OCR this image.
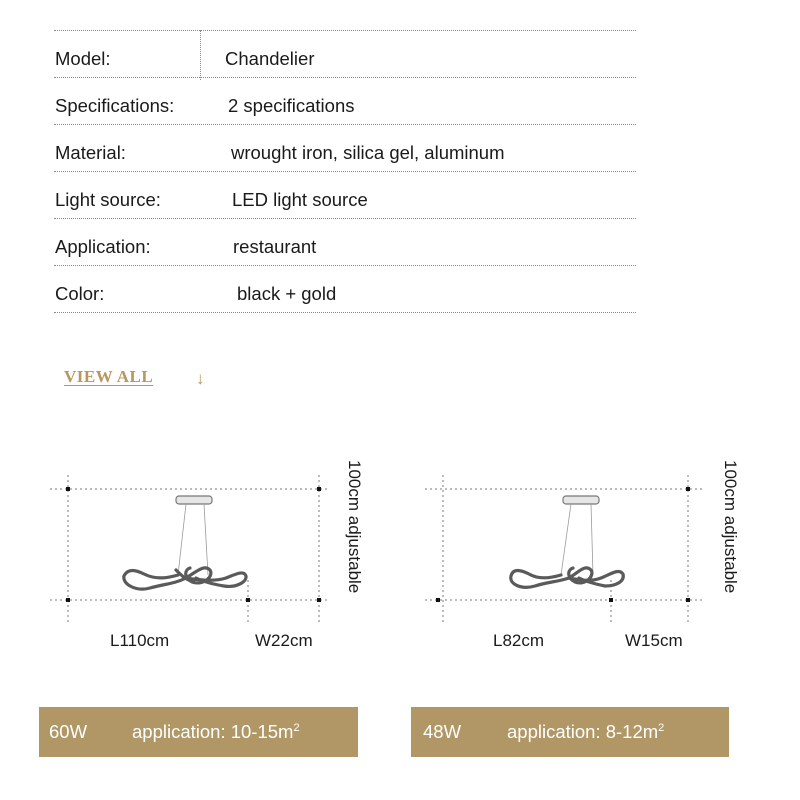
Model:	Chandelier
Specifications:	2 specifications
Material:	wrought iron, silica gel, aluminum
Light source:	LED light source
Application:	restaurant
Color:	black + gold
VIEW ALL	↓
L110cm	W22cm
100cm adjustable
L82cm	W15cm
100cm adjustable
60W application: $10-15m^2$	48W application: $8-12m^2$
